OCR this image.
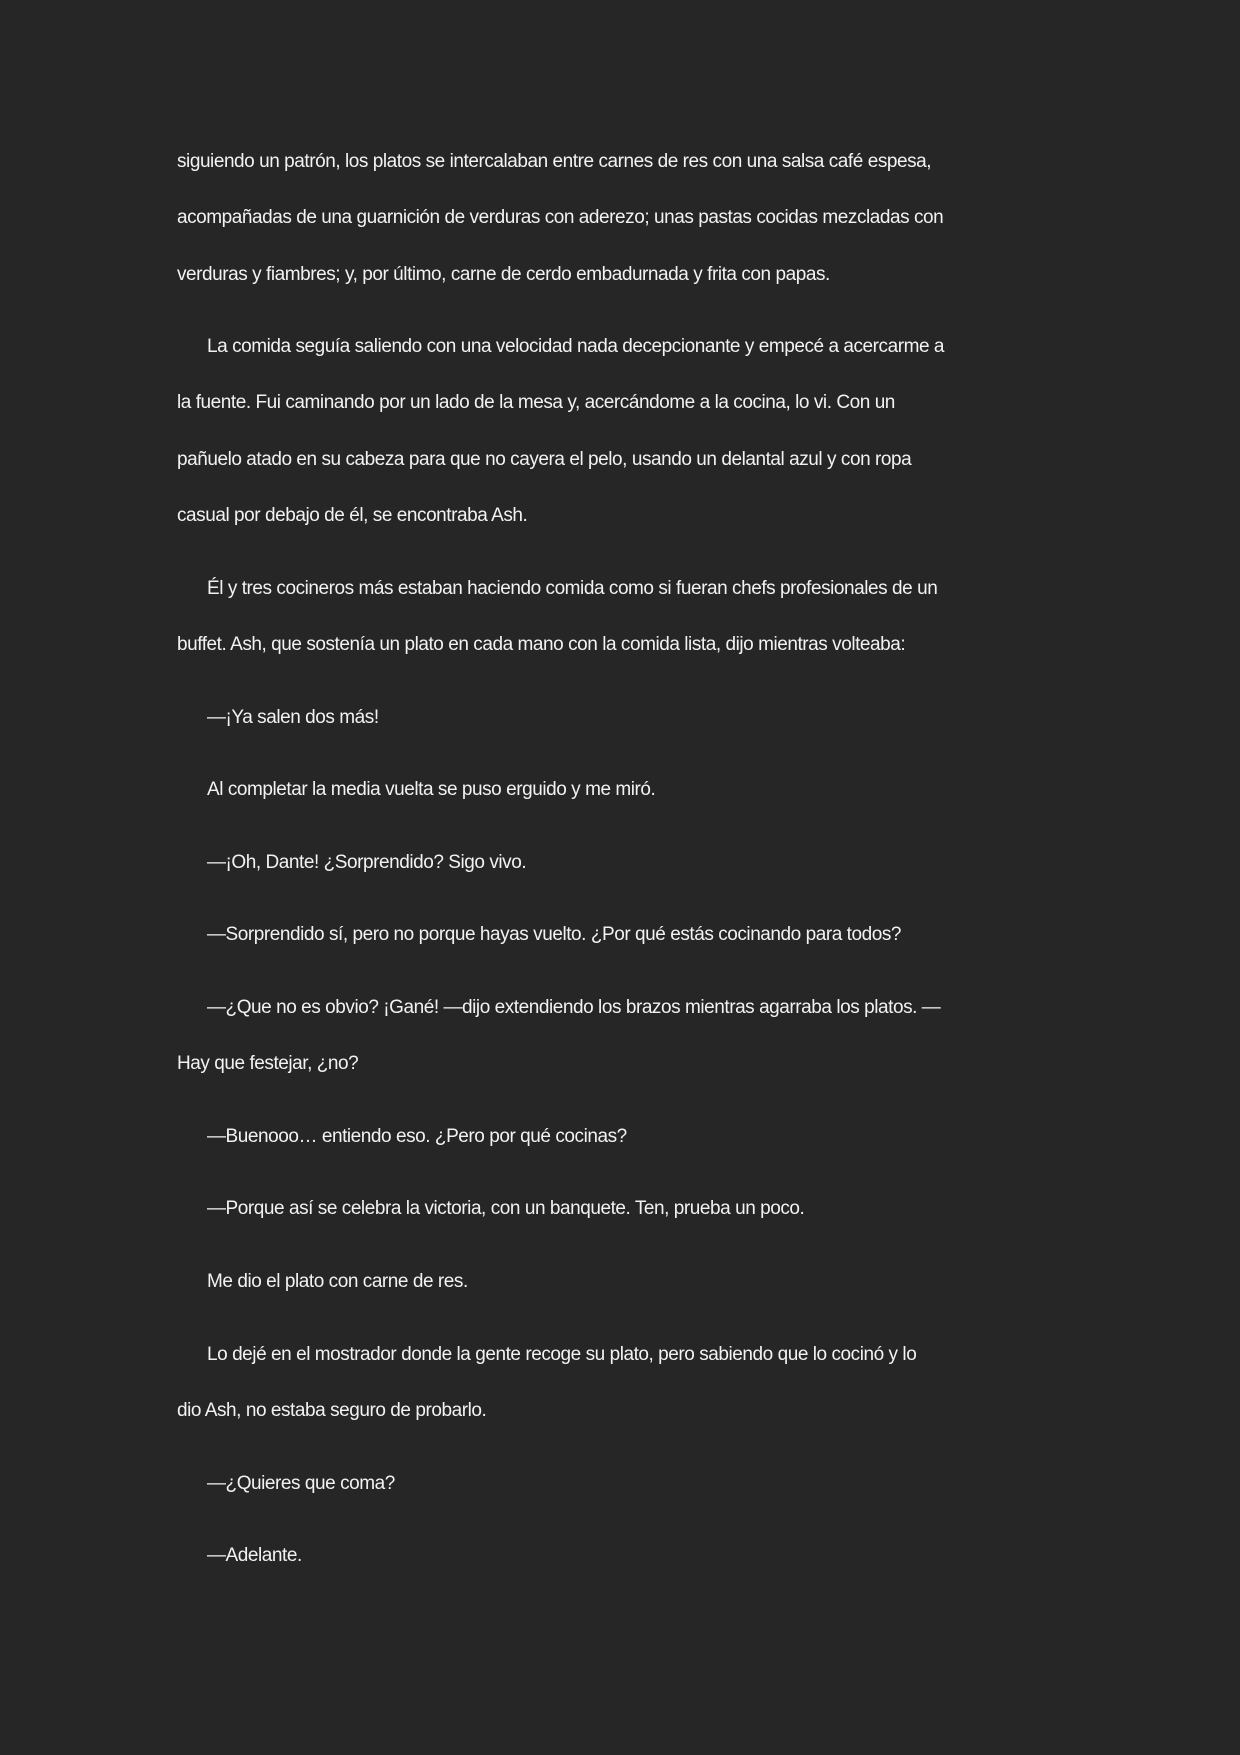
siguiendo un patrón, los platos se intercalaban entre carnes de res con una salsa café espesa,
acompañadas de una guarnición de verduras con aderezo; unas pastas cocidas mezcladas con
verduras y fiambres; y, por último, carne de cerdo embadurnada y frita con papas.

La comida seguía saliendo con una velocidad nada decepcionante y empecé a acercarme a
la fuente. Fui caminando por un lado de la mesa y, acercándome a la cocina, lo vi. Con un
pañuelo atado en su cabeza para que no cayera el pelo, usando un delantal azul y con ropa
casual por debajo de él, se encontraba Ash.

Él y tres cocineros más estaban haciendo comida como si fueran chefs profesionales de un
buffet. Ash, que sostenía un plato en cada mano con la comida lista, dijo mientras volteaba:

—¡Ya salen dos más!

Al completar la media vuelta se puso erguido y me miró.

—¡Oh, Dante! ¿Sorprendido? Sigo vivo.

—Sorprendido sí, pero no porque hayas vuelto. ¿Por qué estás cocinando para todos?

—¿Que no es obvio? ¡Gané! —dijo extendiendo los brazos mientras agarraba los platos. —
Hay que festejar, ¿no?

—Buenooo… entiendo eso. ¿Pero por qué cocinas?

—Porque así se celebra la victoria, con un banquete. Ten, prueba un poco.

Me dio el plato con carne de res.

Lo dejé en el mostrador donde la gente recoge su plato, pero sabiendo que lo cocinó y lo
dio Ash, no estaba seguro de probarlo.

—¿Quieres que coma?

—Adelante.
